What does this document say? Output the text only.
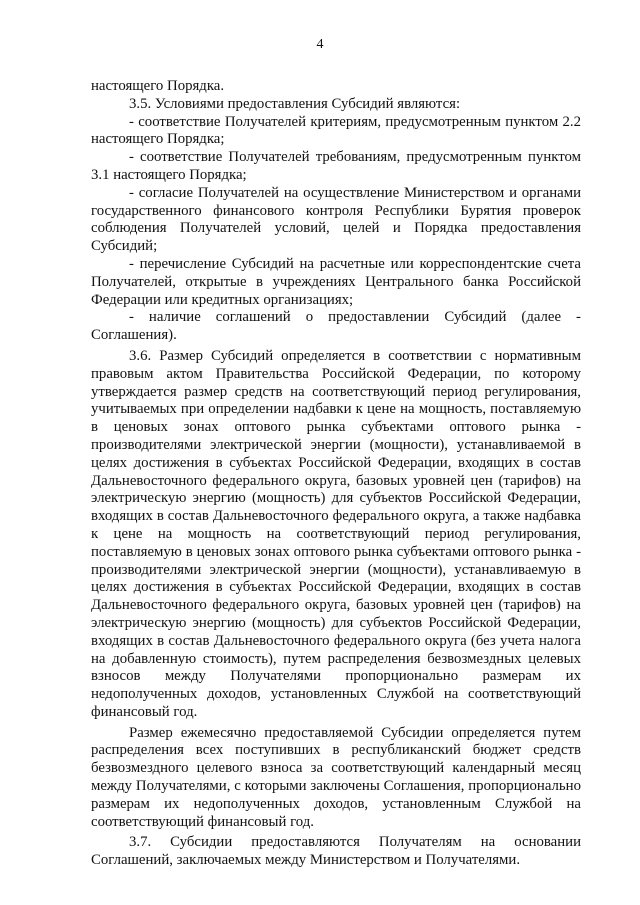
4

настоящего Порядка.

3.5. Условиями предоставления Субсидий являются:

- соответствие Получателей критериям, предусмотренным пунктом 2.2 настоящего Порядка;

- соответствие Получателей требованиям, предусмотренным пунктом 3.1 настоящего Порядка;

- согласие Получателей на осуществление Министерством и органами государственного финансового контроля Республики Бурятия проверок соблюдения Получателей условий, целей и Порядка предоставления Субсидий;

- перечисление Субсидий на расчетные или корреспондентские счета Получателей, открытые в учреждениях Центрального банка Российской Федерации или кредитных организациях;

- наличие соглашений о предоставлении Субсидий (далее - Соглашения).

3.6. Размер Субсидий определяется в соответствии с нормативным правовым актом Правительства Российской Федерации, по которому утверждается размер средств на соответствующий период регулирования, учитываемых при определении надбавки к цене на мощность, поставляемую в ценовых зонах оптового рынка субъектами оптового рынка - производителями электрической энергии (мощности), устанавливаемой в целях достижения в субъектах Российской Федерации, входящих в состав Дальневосточного федерального округа, базовых уровней цен (тарифов) на электрическую энергию (мощность) для субъектов Российской Федерации, входящих в состав Дальневосточного федерального округа, а также надбавка к цене на мощность на соответствующий период регулирования, поставляемую в ценовых зонах оптового рынка субъектами оптового рынка - производителями электрической энергии (мощности), устанавливаемую в целях достижения в субъектах Российской Федерации, входящих в состав Дальневосточного федерального округа, базовых уровней цен (тарифов) на электрическую энергию (мощность) для субъектов Российской Федерации, входящих в состав Дальневосточного федерального округа (без учета налога на добавленную стоимость), путем распределения безвозмездных целевых взносов между Получателями пропорционально размерам их недополученных доходов, установленных Службой на соответствующий финансовый год.

Размер ежемесячно предоставляемой Субсидии определяется путем распределения всех поступивших в республиканский бюджет средств безвозмездного целевого взноса за соответствующий календарный месяц между Получателями, с которыми заключены Соглашения, пропорционально размерам их недополученных доходов, установленным Службой на соответствующий финансовый год.

3.7. Субсидии предоставляются Получателям на основании Соглашений, заключаемых между Министерством и Получателями.
